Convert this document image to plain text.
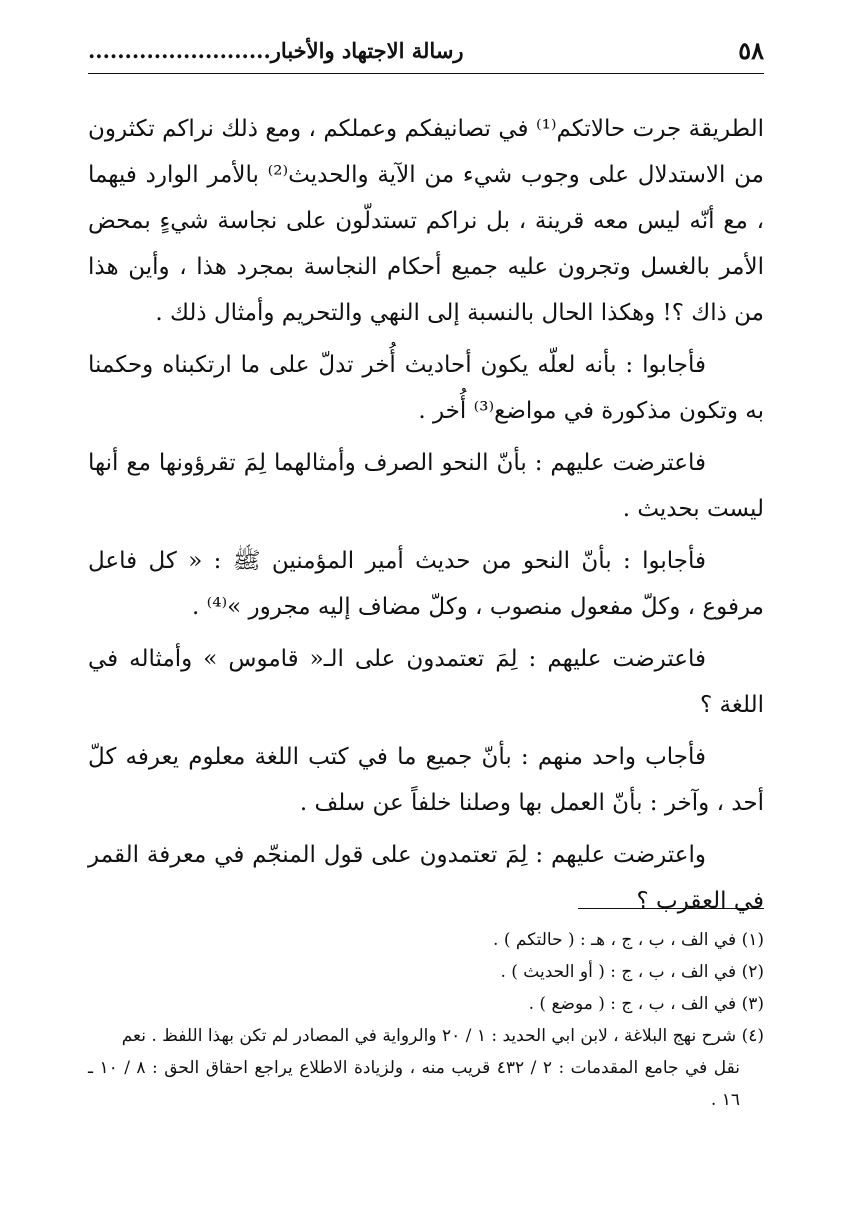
٥٨
رسالة الاجتهاد والأخبار.........................

الطريقة جرت حالاتكم⁽¹⁾ في تصانيفكم وعملكم ، ومع ذلك نراكم تكثرون من الاستدلال على وجوب شيء من الآية والحديث⁽²⁾ بالأمر الوارد فيهما ، مع أنّه ليس معه قرينة ، بل نراكم تستدلّون على نجاسة شيءٍ بمحض الأمر بالغسل وتجرون عليه جميع أحكام النجاسة بمجرد هذا ، وأين هذا من ذاك ؟! وهكذا الحال بالنسبة إلى النهي والتحريم وأمثال ذلك .

فأجابوا : بأنه لعلّه يكون أحاديث أُخر تدلّ على ما ارتكبناه وحكمنا به وتكون مذكورة في مواضع⁽³⁾ أُخر .

فاعترضت عليهم : بأنّ النحو الصرف وأمثالهما لِمَ تقرؤونها مع أنها ليست بحديث .

فأجابوا : بأنّ النحو من حديث أمير المؤمنين ﷺ : « كل فاعل مرفوع ، وكلّ مفعول منصوب ، وكلّ مضاف إليه مجرور »⁽⁴⁾ .

فاعترضت عليهم : لِمَ تعتمدون على الـ« قاموس » وأمثاله في اللغة ؟

فأجاب واحد منهم : بأنّ جميع ما في كتب اللغة معلوم يعرفه كلّ أحد ، وآخر : بأنّ العمل بها وصلنا خلفاً عن سلف .

واعترضت عليهم : لِمَ تعتمدون على قول المنجّم في معرفة القمر في العقرب ؟

(١) في الف ، ب ، ج ، هـ : ( حالتكم ) .

(٢) في الف ، ب ، ج : ( أو الحديث ) .

(٣) في الف ، ب ، ج : ( موضع ) .

(٤) شرح نهج البلاغة ، لابن ابي الحديد : ١ / ٢٠ والرواية في المصادر لم تكن بهذا اللفظ . نعم

نقل في جامع المقدمات : ٢ / ٤٣٢ قريب منه ، ولزيادة الاطلاع يراجع احقاق الحق : ٨ / ١٠ ـ ١٦ .
